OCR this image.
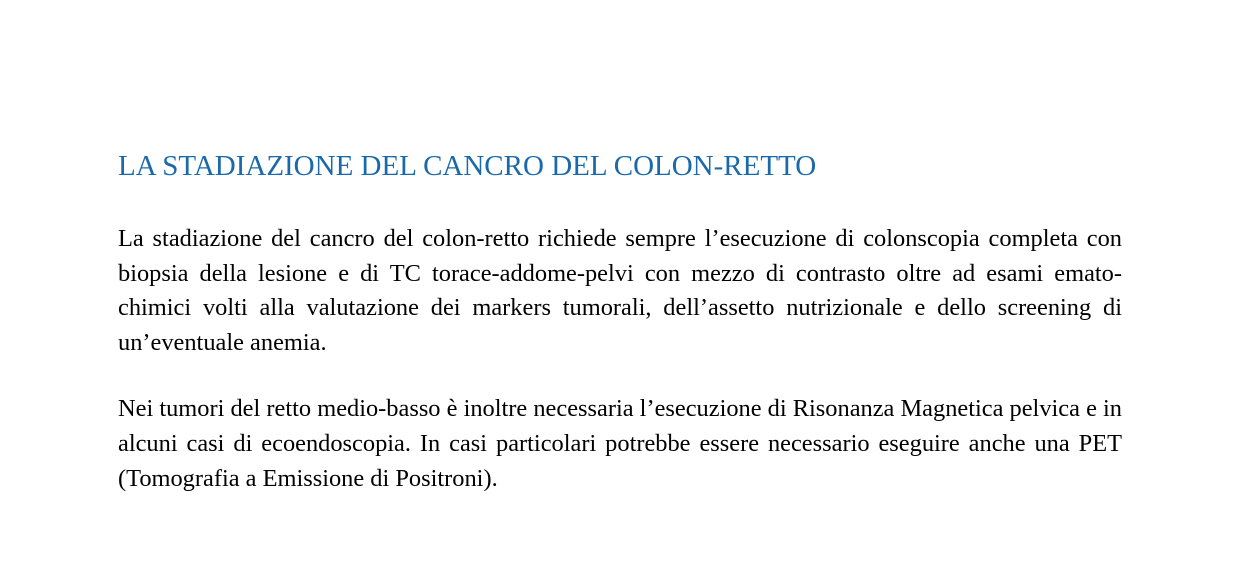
LA STADIAZIONE DEL CANCRO DEL COLON-RETTO

La stadiazione del cancro del colon-retto richiede sempre l’esecuzione di colonscopia completa con biopsia della lesione e di TC torace-addome-pelvi con mezzo di contrasto oltre ad esami emato-chimici volti alla valutazione dei markers tumorali, dell’assetto nutrizionale e dello screening di un’eventuale anemia.

Nei tumori del retto medio-basso è inoltre necessaria l’esecuzione di Risonanza Magnetica pelvica e in alcuni casi di ecoendoscopia. In casi particolari potrebbe essere necessario eseguire anche una PET (Tomografia a Emissione di Positroni).
